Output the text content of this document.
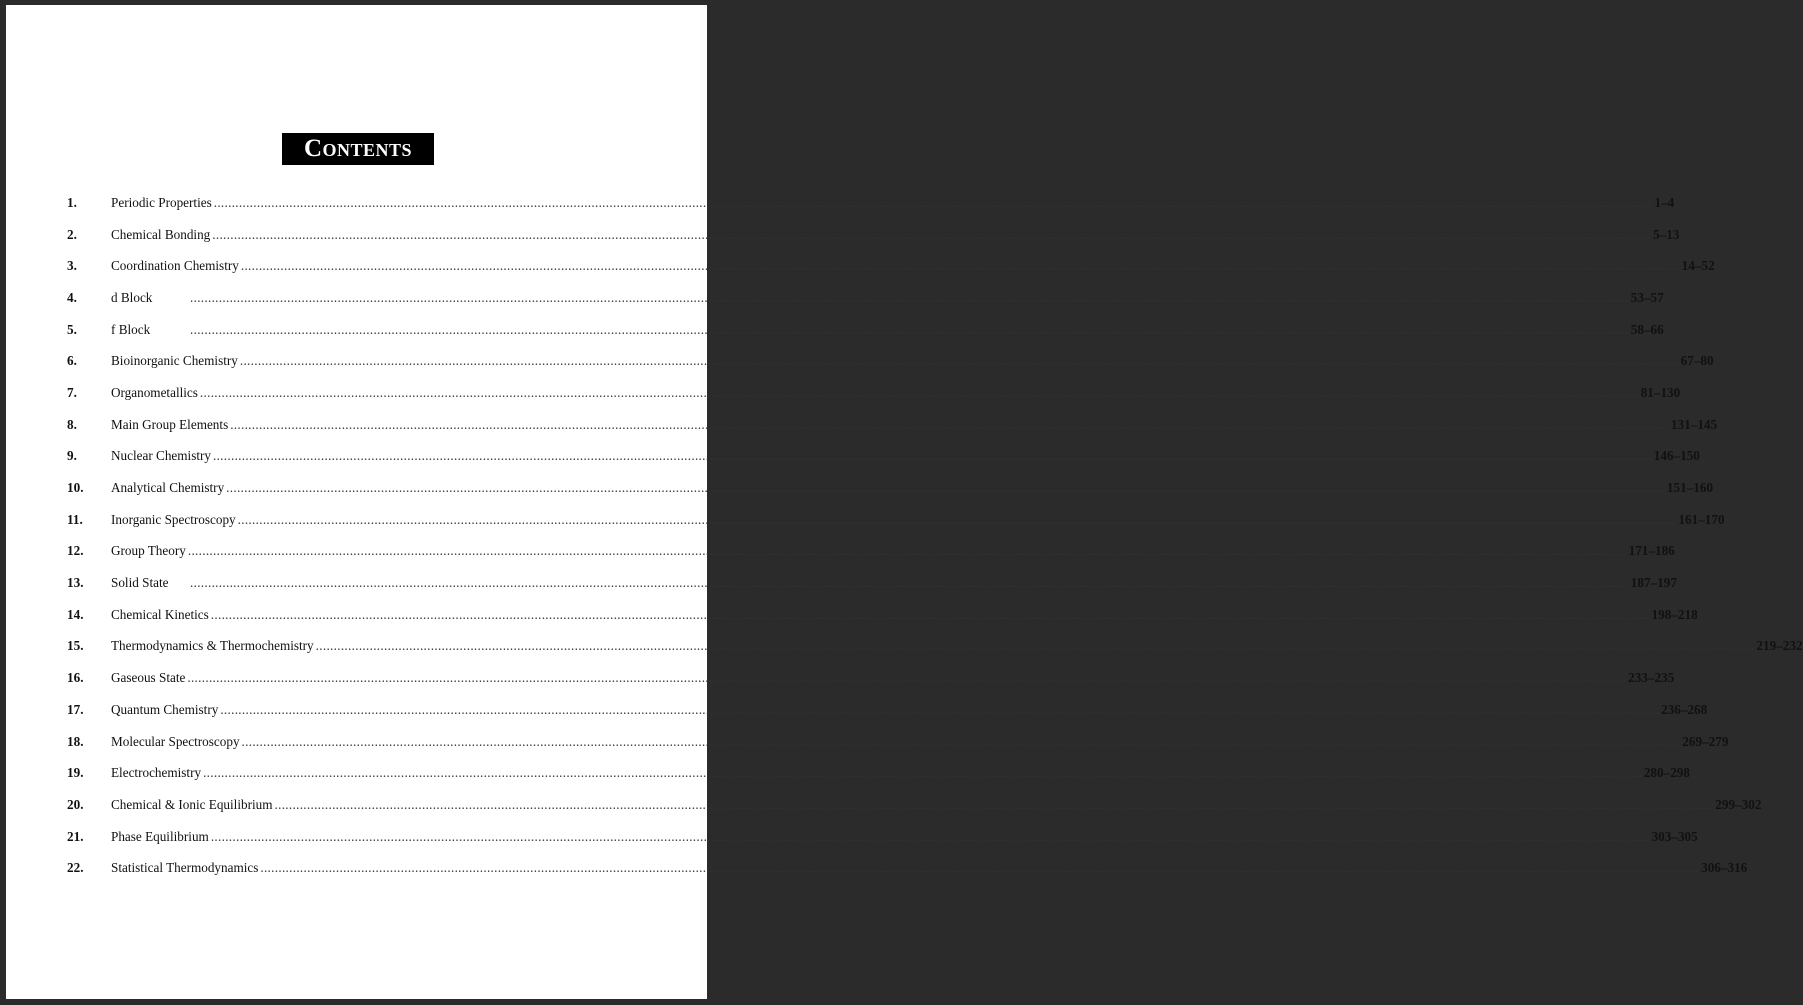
Contents
1.	Periodic Properties ................................................................................................................................................................................................................................................................................................................................................................................................................ 1–4
2.	Chemical Bonding ................................................................................................................................................................................................................................................................................................................................................................................................................ 5–13
3.	Coordination Chemistry ................................................................................................................................................................................................................................................................................................................................................................................................................ 14–52
4.	d Block	................................................................................................................................................................................................................................................................................................................................................................................................................ 53–57
5.	f Block	................................................................................................................................................................................................................................................................................................................................................................................................................ 58–66
6.	Bioinorganic Chemistry ................................................................................................................................................................................................................................................................................................................................................................................................................ 67–80
7.	Organometallics ................................................................................................................................................................................................................................................................................................................................................................................................................ 81–130
8.	Main Group Elements ................................................................................................................................................................................................................................................................................................................................................................................................................ 131–145
9.	Nuclear Chemistry ................................................................................................................................................................................................................................................................................................................................................................................................................ 146–150
10.	Analytical Chemistry ................................................................................................................................................................................................................................................................................................................................................................................................................ 151–160
11.	Inorganic Spectroscopy ................................................................................................................................................................................................................................................................................................................................................................................................................ 161–170
12.	Group Theory ................................................................................................................................................................................................................................................................................................................................................................................................................ 171–186
13.	Solid State	................................................................................................................................................................................................................................................................................................................................................................................................................ 187–197
14.	Chemical Kinetics ................................................................................................................................................................................................................................................................................................................................................................................................................ 198–218
15.	Thermodynamics & Thermochemistry ................................................................................................................................................................................................................................................................................................................................................................................................................ 219–232
16.	Gaseous State ................................................................................................................................................................................................................................................................................................................................................................................................................ 233–235
17.	Quantum Chemistry ................................................................................................................................................................................................................................................................................................................................................................................................................ 236–268
18.	Molecular Spectroscopy ................................................................................................................................................................................................................................................................................................................................................................................................................ 269–279
19.	Electrochemistry ................................................................................................................................................................................................................................................................................................................................................................................................................ 280–298
20.	Chemical & Ionic Equilibrium ................................................................................................................................................................................................................................................................................................................................................................................................................ 299–302
21.	Phase Equilibrium ................................................................................................................................................................................................................................................................................................................................................................................................................ 303–305
22.	Statistical Thermodynamics ................................................................................................................................................................................................................................................................................................................................................................................................................ 306–316
